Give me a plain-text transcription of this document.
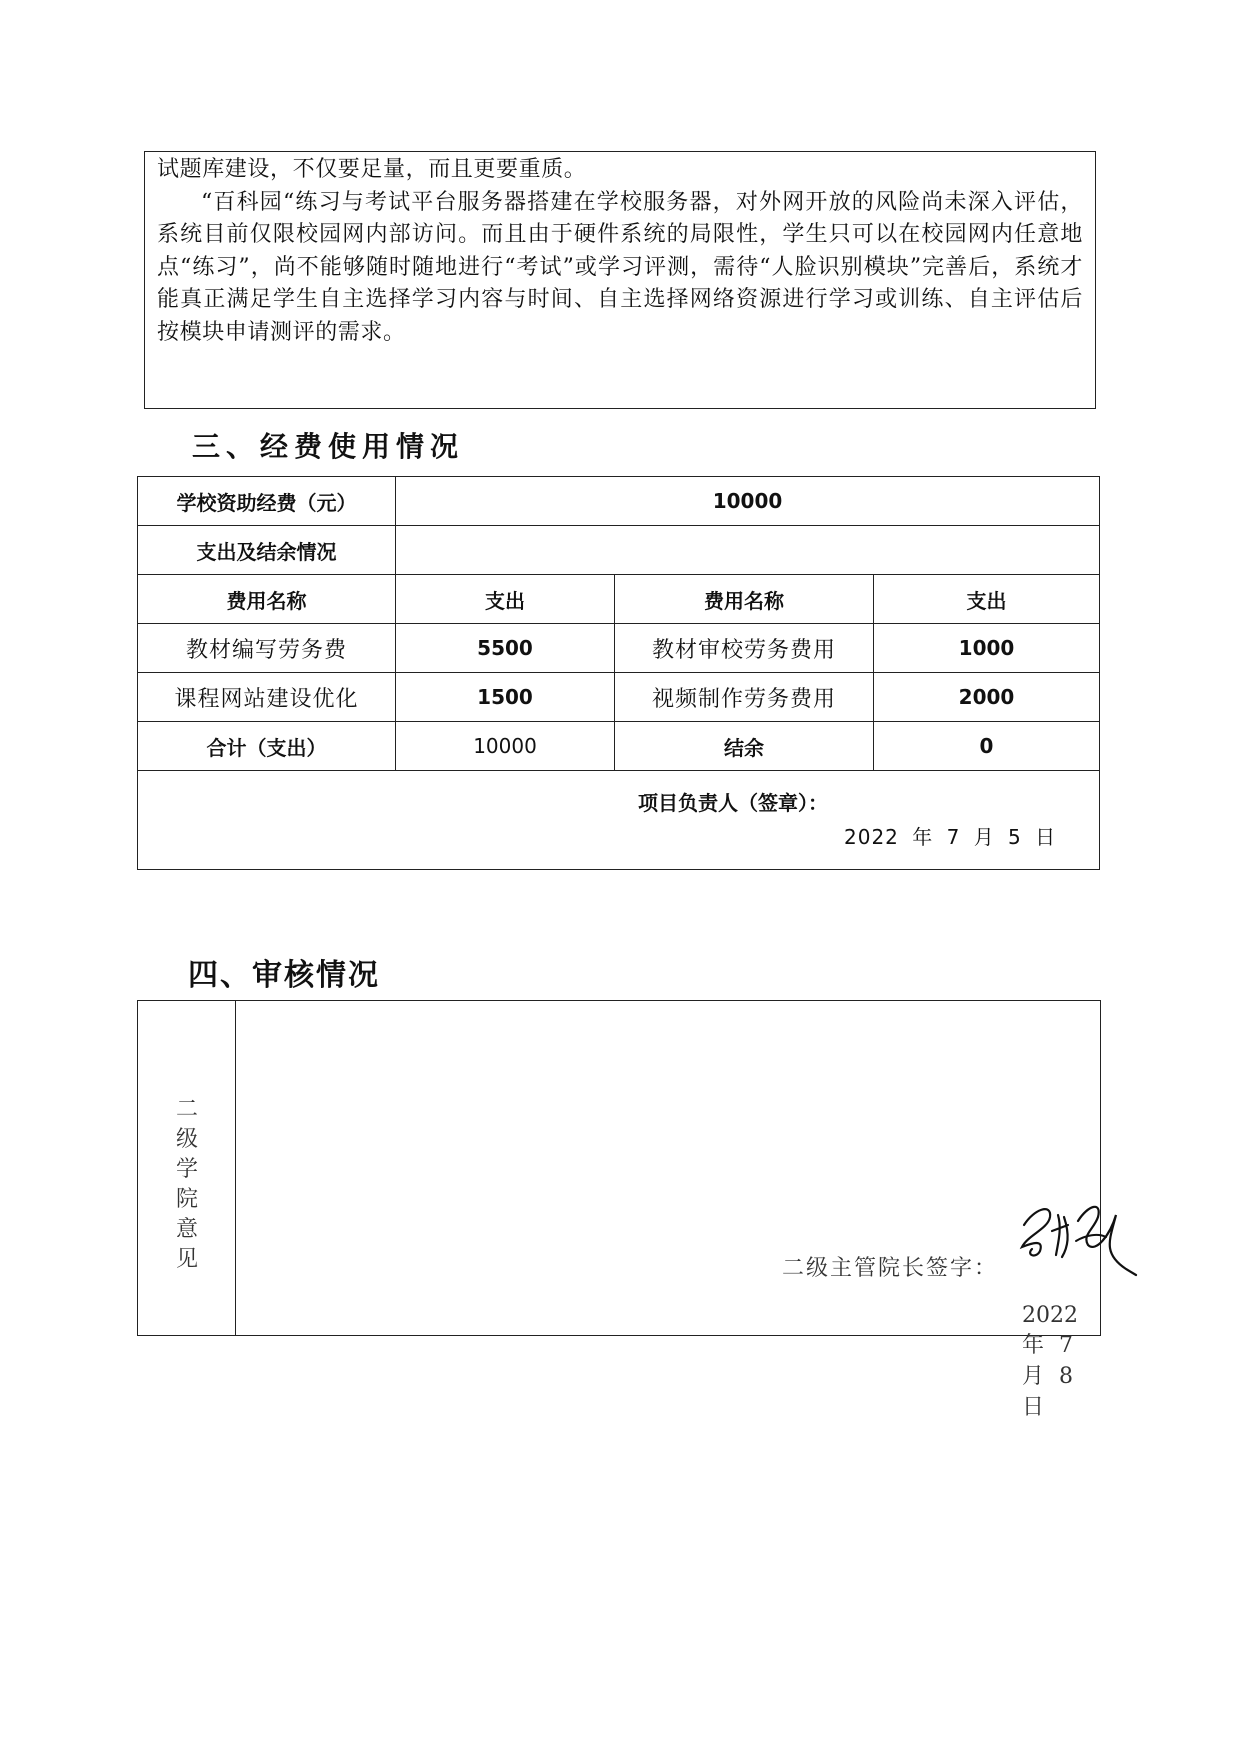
试题库建设，不仅要足量，而且更要重质。

“百科园“练习与考试平台服务器搭建在学校服务器，对外网开放的风险尚未深入评估，系统目前仅限校园网内部访问。而且由于硬件系统的局限性，学生只可以在校园网内任意地点“练习”，尚不能够随时随地进行“考试”或学习评测，需待“人脸识别模块”完善后，系统才能真正满足学生自主选择学习内容与时间、自主选择网络资源进行学习或训练、自主评估后按模块申请测评的需求。

三、经费使用情况
学校资助经费（元）	10000		
支出及结余情况			
费用名称	支出	费用名称	支出
教材编写劳务费	5500	教材审校劳务费用	1000
课程网站建设优化	1500	视频制作劳务费用	2000
合计（支出）	10000	结余	0

项目负责人（签章）：
2022 年 7 月 5 日			
四、审核情况
二级学院意见	二级主管院长签字：
2022 年 7 月 8 日
